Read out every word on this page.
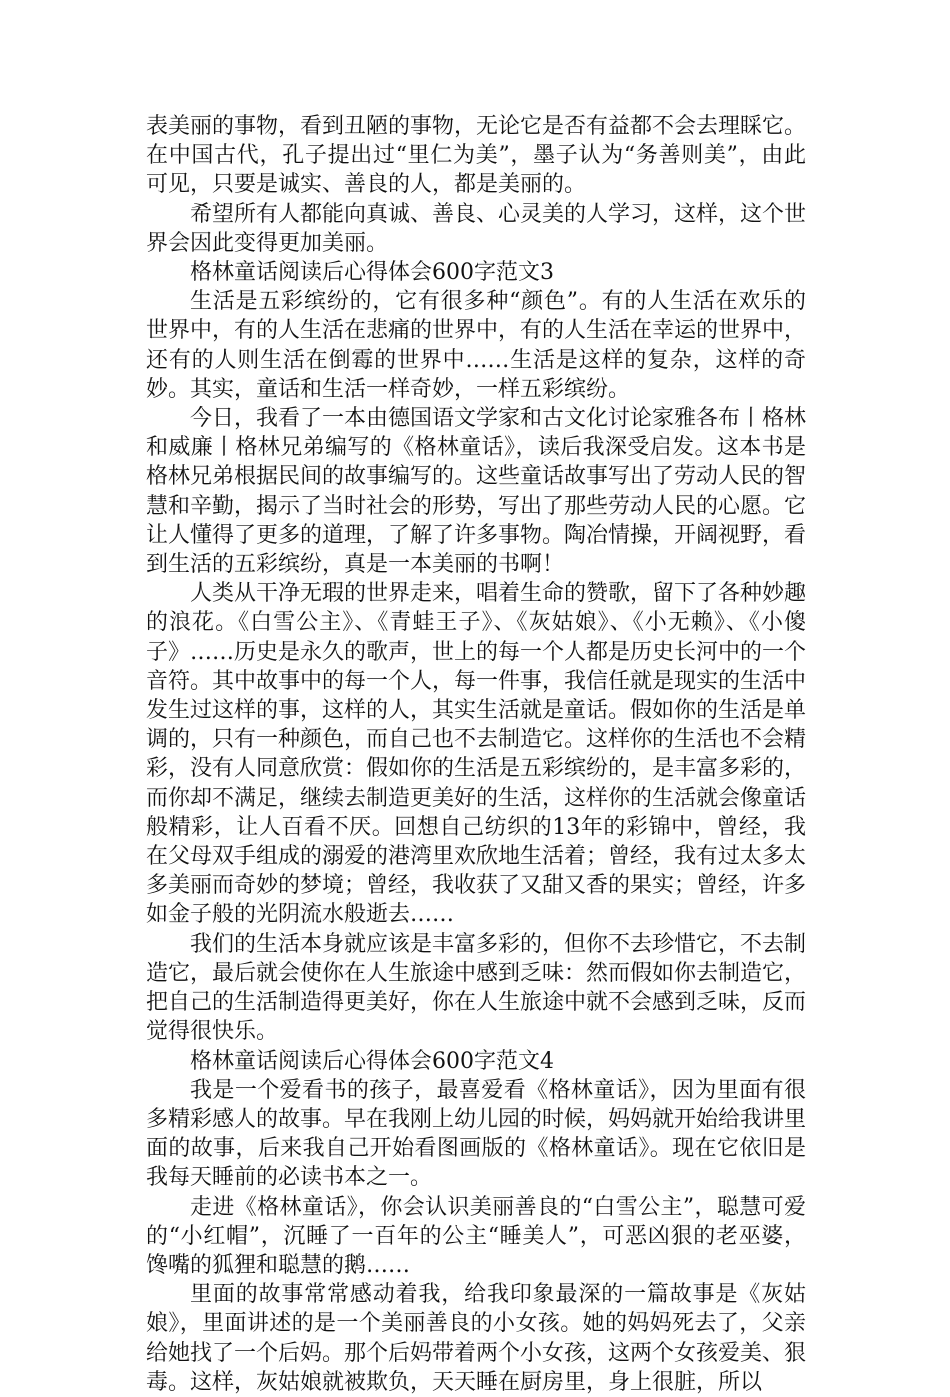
表美丽的事物，看到丑陋的事物，无论它是否有益都不会去理睬它。在中国古代，孔子提出过“里仁为美”，墨子认为“务善则美”，由此可见，只要是诚实、善良的人，都是美丽的。

希望所有人都能向真诚、善良、心灵美的人学习，这样，这个世界会因此变得更加美丽。

格林童话阅读后心得体会600字范文3

生活是五彩缤纷的，它有很多种“颜色”。有的人生活在欢乐的世界中，有的人生活在悲痛的世界中，有的人生活在幸运的世界中，还有的人则生活在倒霉的世界中……生活是这样的复杂，这样的奇妙。其实，童话和生活一样奇妙，一样五彩缤纷。

今日，我看了一本由德国语文学家和古文化讨论家雅各布丨格林和威廉丨格林兄弟编写的《格林童话》，读后我深受启发。这本书是格林兄弟根据民间的故事编写的。这些童话故事写出了劳动人民的智慧和辛勤，揭示了当时社会的形势，写出了那些劳动人民的心愿。它让人懂得了更多的道理，了解了许多事物。陶冶情操，开阔视野，看到生活的五彩缤纷，真是一本美丽的书啊！

人类从干净无瑕的世界走来，唱着生命的赞歌，留下了各种妙趣的浪花。《白雪公主》、《青蛙王子》、《灰姑娘》、《小无赖》、《小傻子》……历史是永久的歌声，世上的每一个人都是历史长河中的一个音符。其中故事中的每一个人，每一件事，我信任就是现实的生活中发生过这样的事，这样的人，其实生活就是童话。假如你的生活是单调的，只有一种颜色，而自己也不去制造它。这样你的生活也不会精彩，没有人同意欣赏：假如你的生活是五彩缤纷的，是丰富多彩的，而你却不满足，继续去制造更美好的生活，这样你的生活就会像童话般精彩，让人百看不厌。回想自己纺织的13年的彩锦中，曾经，我在父母双手组成的溺爱的港湾里欢欣地生活着；曾经，我有过太多太多美丽而奇妙的梦境；曾经，我收获了又甜又香的果实；曾经，许多如金子般的光阴流水般逝去……

我们的生活本身就应该是丰富多彩的，但你不去珍惜它，不去制造它，最后就会使你在人生旅途中感到乏味：然而假如你去制造它，把自己的生活制造得更美好，你在人生旅途中就不会感到乏味，反而觉得很快乐。

格林童话阅读后心得体会600字范文4

我是一个爱看书的孩子，最喜爱看《格林童话》，因为里面有很多精彩感人的故事。早在我刚上幼儿园的时候，妈妈就开始给我讲里面的故事，后来我自己开始看图画版的《格林童话》。现在它依旧是我每天睡前的必读书本之一。

走进《格林童话》，你会认识美丽善良的“白雪公主”，聪慧可爱的“小红帽”，沉睡了一百年的公主“睡美人”，可恶凶狠的老巫婆，馋嘴的狐狸和聪慧的鹅……

里面的故事常常感动着我，给我印象最深的一篇故事是《灰姑娘》，里面讲述的是一个美丽善良的小女孩。她的妈妈死去了，父亲给她找了一个后妈。那个后妈带着两个小女孩，这两个女孩爱美、狠毒。这样，灰姑娘就被欺负，天天睡在厨房里，身上很脏，所以
